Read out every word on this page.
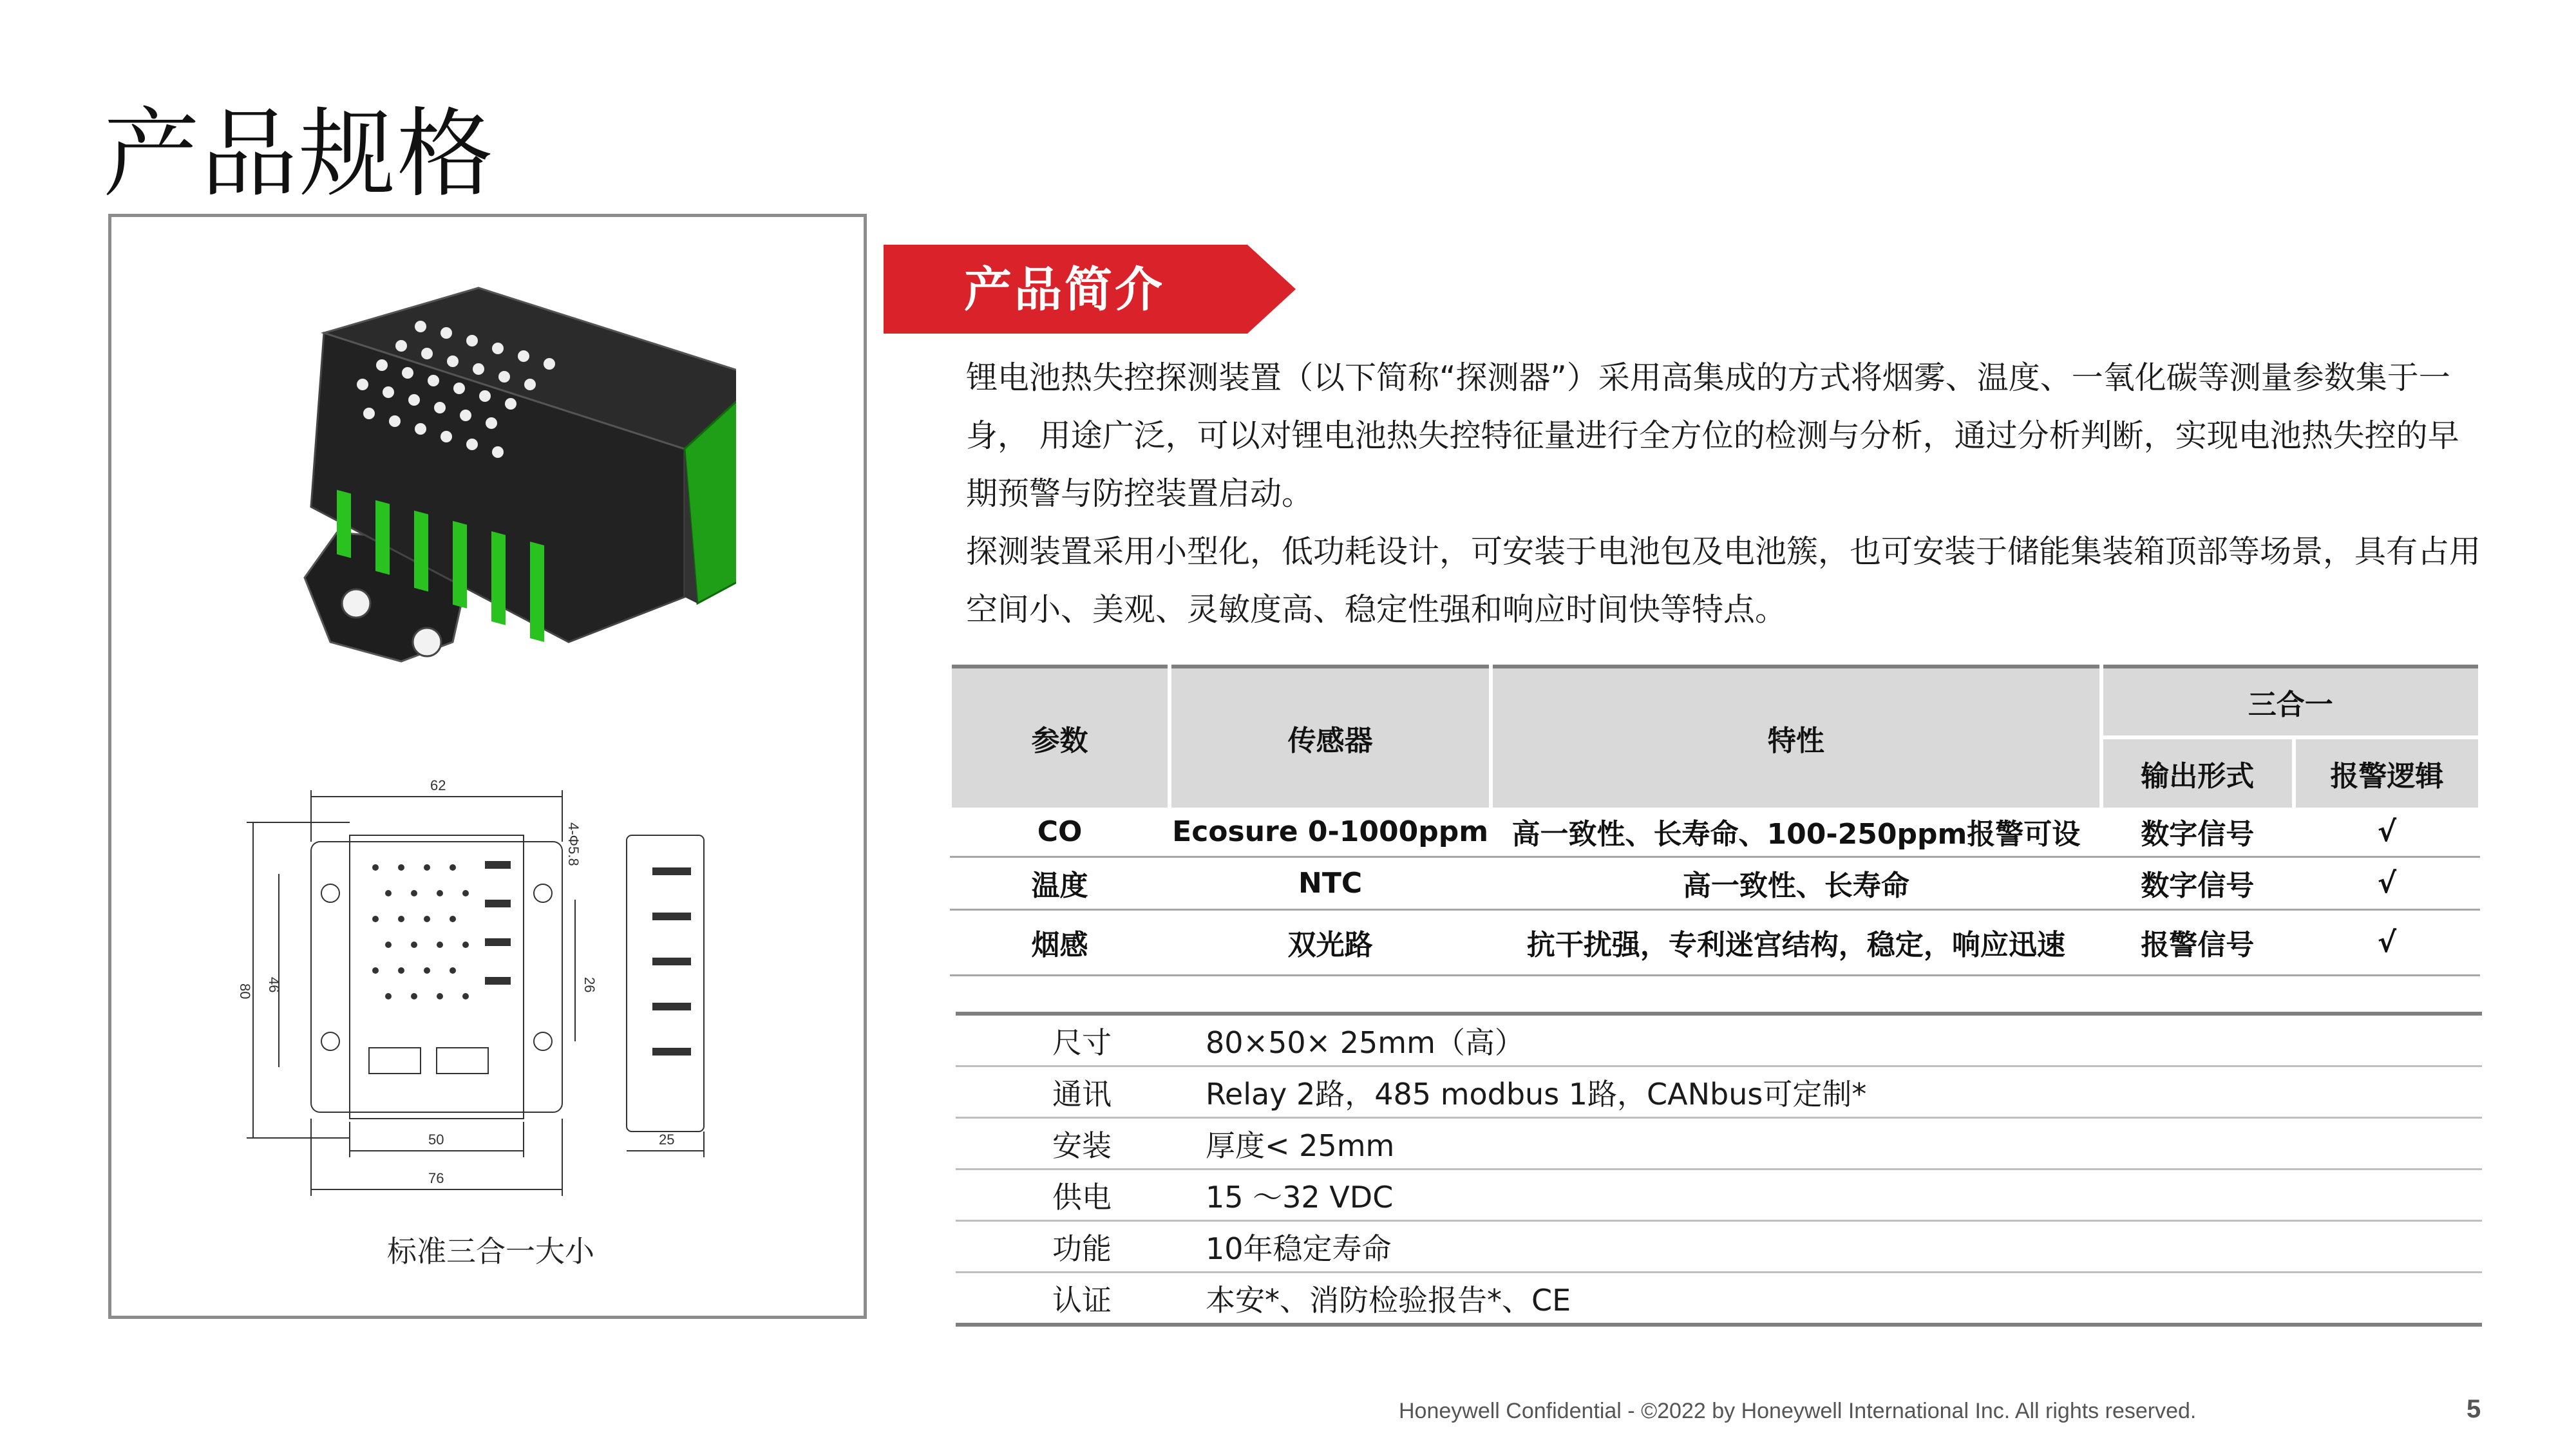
产品规格
62
80 46	26
4-Φ5.8
50
76
25
标准三合一大小
产品简介

锂电池热失控探测装置（以下简称“探测器”）采用高集成的方式将烟雾、温度、一氧化碳等测量参数集于一身， 用途广泛，可以对锂电池热失控特征量进行全方位的检测与分析，通过分析判断，实现电池热失控的早期预警与防控装置启动。

探测装置采用小型化，低功耗设计，可安装于电池包及电池簇，也可安装于储能集装箱顶部等场景，具有占用空间小、美观、灵敏度高、稳定性强和响应时间快等特点。

参数	传感器	特性	三合一	
			输出形式	报警逻辑
CO	Ecosure 0-1000ppm	高一致性、长寿命、100-250ppm报警可设	数字信号	√
温度	NTC	高一致性、长寿命	数字信号	√
烟感	双光路	抗干扰强，专利迷宫结构，稳定，响应迅速	报警信号	√
	尺寸	80×50× 25mm（高）
	通讯	Relay 2路，485 modbus 1路，CANbus可定制*
	安装	厚度< 25mm
	供电	15 ～32 VDC
	功能	10年稳定寿命
	认证	本安*、消防检验报告*、CE
Honeywell Confidential - ©2022 by Honeywell International Inc. All rights reserved.	5
